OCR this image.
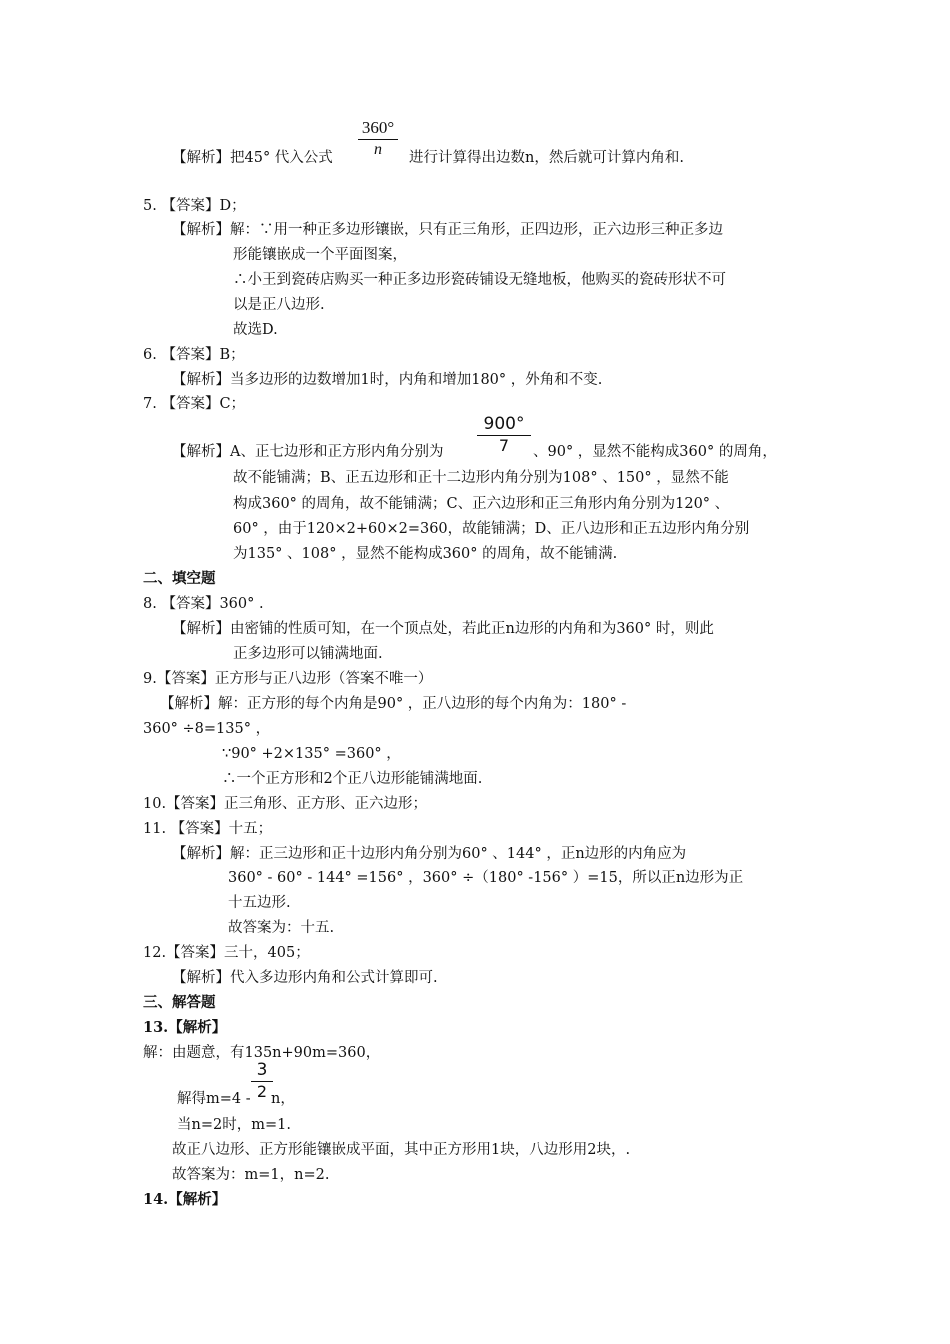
360°
n
【解析】把45° 代入公式	进行计算得出边数n，然后就可计算内角和.
5. 【答案】D；
【解析】解：∵用一种正多边形镶嵌，只有正三角形，正四边形，正六边形三种正多边
形能镶嵌成一个平面图案，
∴小王到瓷砖店购买一种正多边形瓷砖铺设无缝地板，他购买的瓷砖形状不可
以是正八边形.
故选D.
6. 【答案】B；
【解析】当多边形的边数增加1时，内角和增加180° ，外角和不变.
7. 【答案】C；
900°
7
【解析】A、正七边形和正方形内角分别为	、90° ，显然不能构成360° 的周角，
故不能铺满；B、正五边形和正十二边形内角分别为108° 、150° ，显然不能
构成360° 的周角，故不能铺满；C、正六边形和正三角形内角分别为120° 、
60° ，由于120×2+60×2=360，故能铺满；D、正八边形和正五边形内角分别
为135° 、108° ，显然不能构成360° 的周角，故不能铺满.
二、填空题
8. 【答案】360° .
【解析】由密铺的性质可知，在一个顶点处，若此正n边形的内角和为360° 时，则此
正多边形可以铺满地面.
9.【答案】正方形与正八边形（答案不唯一）
【解析】解：正方形的每个内角是90° ，正八边形的每个内角为：180° -
360° ÷8=135° ，
∵90° +2×135° =360° ，
∴一个正方形和2个正八边形能铺满地面.
10.【答案】正三角形、正方形、正六边形；
11. 【答案】十五；
【解析】解：正三边形和正十边形内角分别为60° 、144° ，正n边形的内角应为
360° - 60° - 144° =156° ，360° ÷（180° -156° ）=15，所以正n边形为正
十五边形.
故答案为：十五.
12.【答案】三十，405；
【解析】代入多边形内角和公式计算即可.
三、解答题
13.【解析】
解：由题意，有135n+90m=360，
3
2
解得m=4 - n，
当n=2时，m=1.
故正八边形、正方形能镶嵌成平面，其中正方形用1块，八边形用2块，.
故答案为：m=1，n=2.
14.【解析】
